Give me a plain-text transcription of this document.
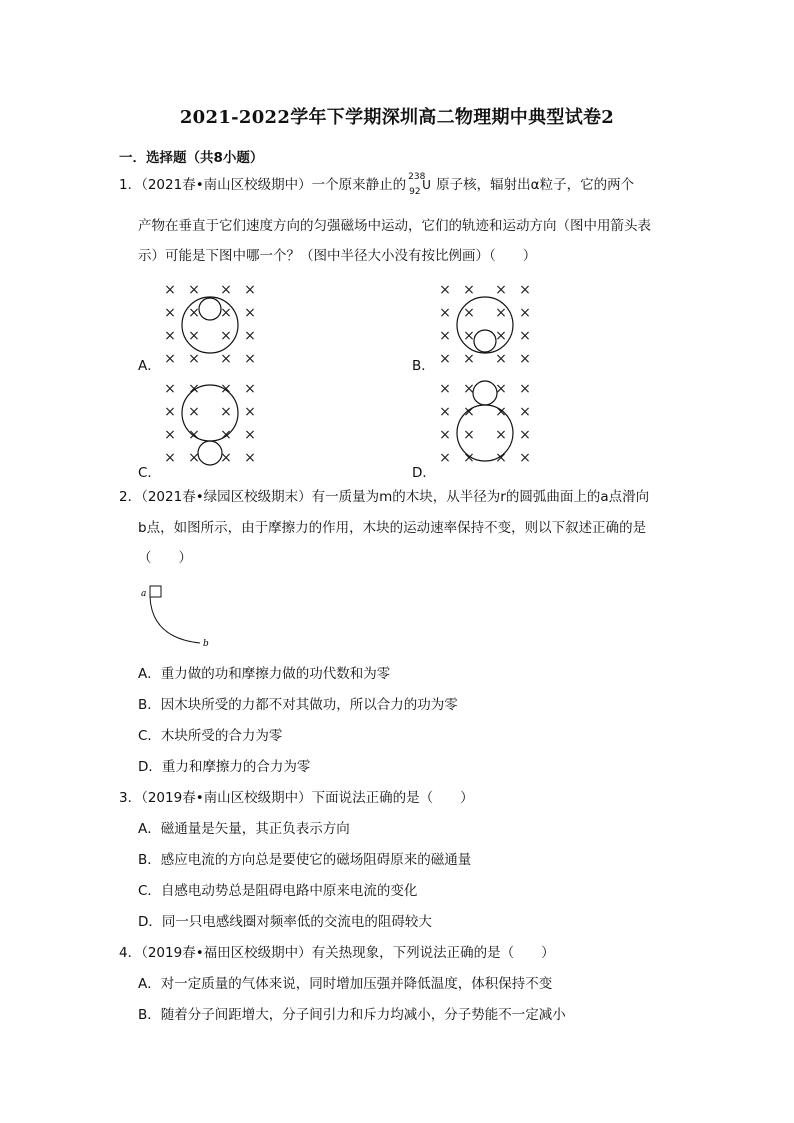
2021-2022学年下学期深圳高二物理期中典型试卷2
一．选择题（共8小题）
1．（2021春•南山区校级期中）一个原来静止的 238
92 U 原子核，辐射出α粒子，它的两个
产物在垂直于它们速度方向的匀强磁场中运动，它们的轨迹和运动方向（图中用箭头表
示）可能是下图中哪一个？（图中半径大小没有按比例画）（　　）
× × × ×
× × × ×
× × × ×
× × × ×
× × × ×
× × × ×
× × × ×
× × × ×
× × × ×
× × × ×
× × × ×
× × × ×
× × × ×
× × × ×
× × × ×
× × × ×
A．	B．
C．	D．
2．（2021春•绿园区校级期末）有一质量为m的木块，从半径为r的圆弧曲面上的a点滑向
b点，如图所示，由于摩擦力的作用，木块的运动速率保持不变，则以下叙述正确的是
（　　）
a
b
A．重力做的功和摩擦力做的功代数和为零
B．因木块所受的力都不对其做功，所以合力的功为零
C．木块所受的合力为零
D．重力和摩擦力的合力为零
3．（2019春•南山区校级期中）下面说法正确的是（　　）
A．磁通量是矢量，其正负表示方向
B．感应电流的方向总是要使它的磁场阻碍原来的磁通量
C．自感电动势总是阻碍电路中原来电流的变化
D．同一只电感线圈对频率低的交流电的阻碍较大
4．（2019春•福田区校级期中）有关热现象，下列说法正确的是（　　）
A．对一定质量的气体来说，同时增加压强并降低温度，体积保持不变
B．随着分子间距增大，分子间引力和斥力均减小，分子势能不一定减小
